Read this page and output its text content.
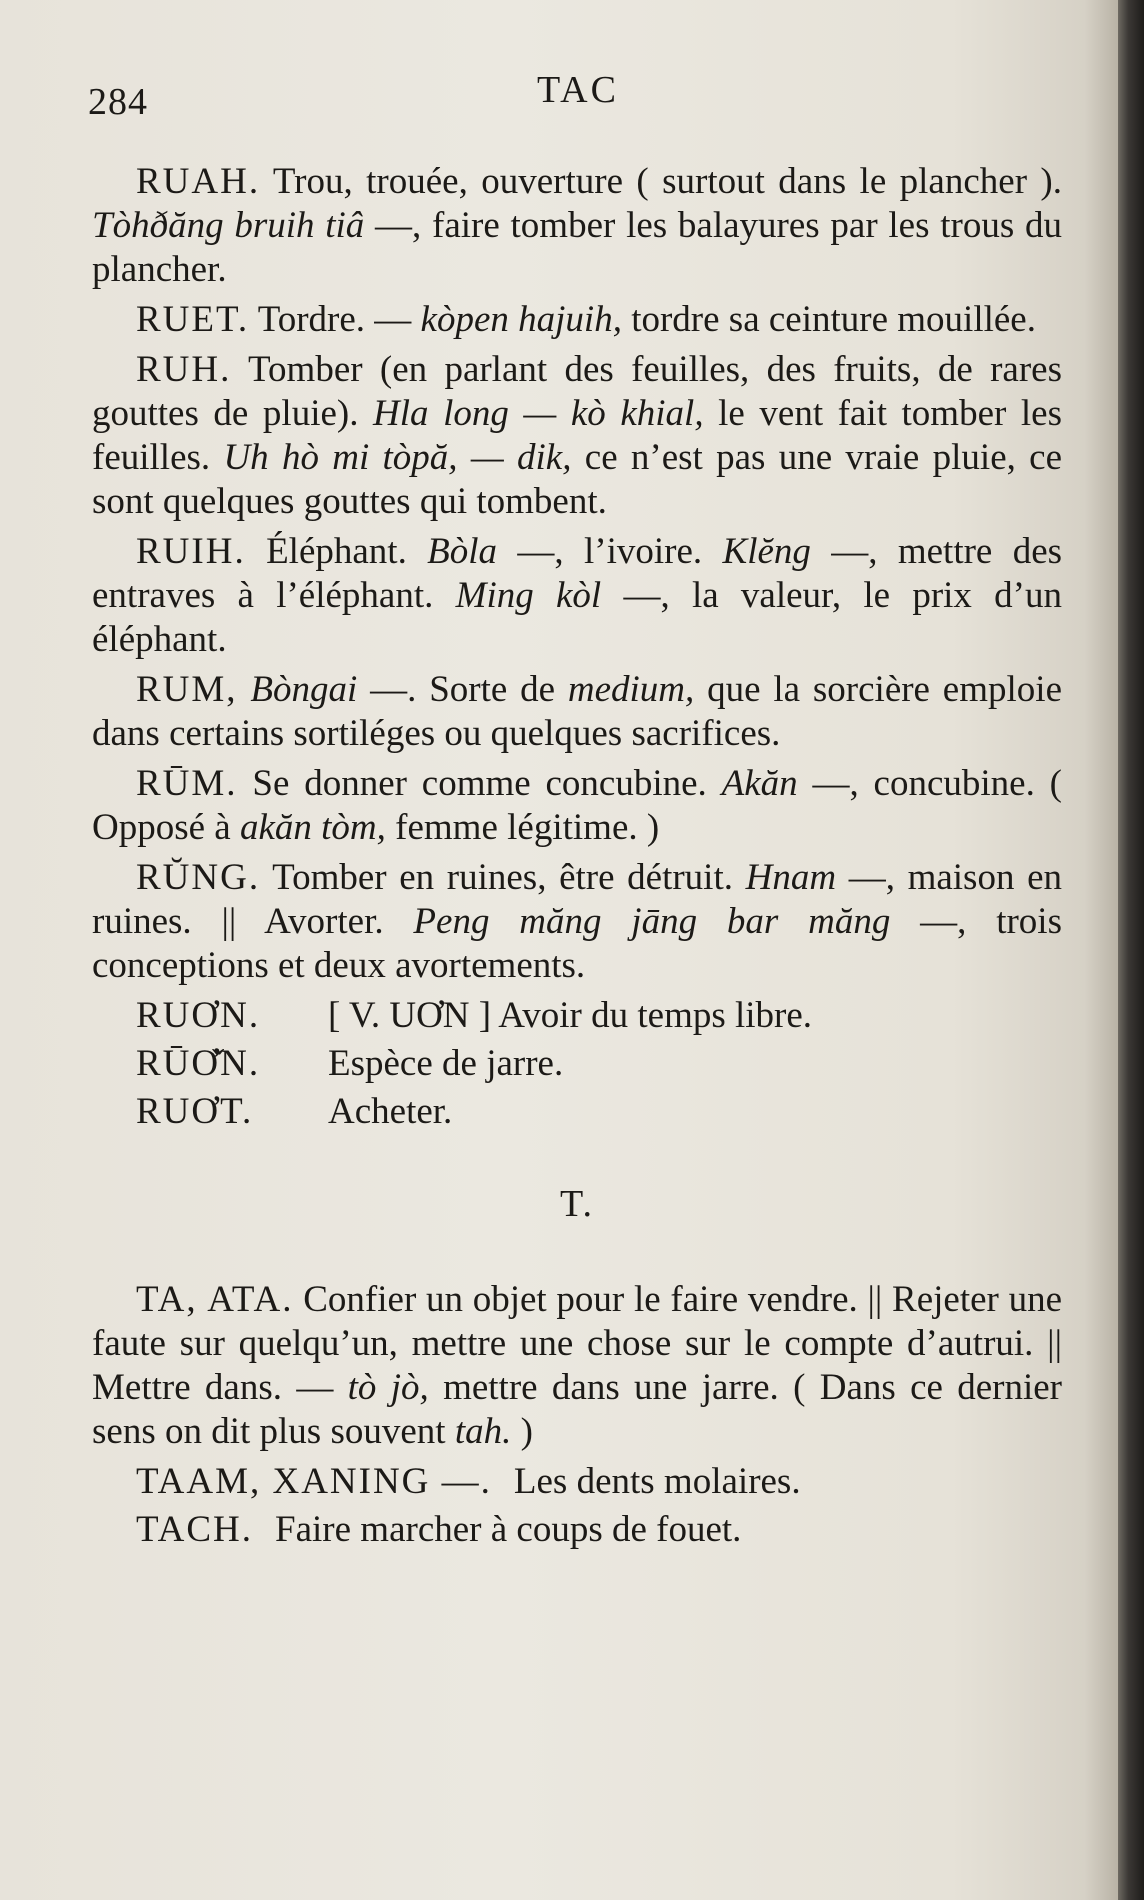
284	TAC

RUAH. Trou, trouée, ouverture ( surtout dans le plancher ). Tòhðăng bruih tiâ —, faire tomber les balayures par les trous du plancher.

RUET. Tordre. — kòpen hajuih, tordre sa ceinture mouillée.

RUH. Tomber (en parlant des feuilles, des fruits, de rares gouttes de pluie). Hla long — kò khial, le vent fait tomber les feuilles. Uh hò mi tòpă, — dik, ce n’est pas une vraie pluie, ce sont quelques gouttes qui tombent.

RUIH. Éléphant. Bòla —, l’ivoire. Klĕng —, mettre des entraves à l’éléphant. Ming kòl —, la valeur, le prix d’un éléphant.

RUM, Bòngai —. Sorte de medium, que la sorcière emploie dans certains sortiléges ou quelques sacrifices.

RŪM. Se donner comme concubine. Akăn —, concubine. ( Opposé à akăn tòm, femme légitime. )

RŬNG. Tomber en ruines, être détruit. Hnam —, maison en ruines. || Avorter. Peng măng jāng bar măng —, trois conceptions et deux avortements.

RUƠN. [ V. UƠN ] Avoir du temps libre.

RŪƠ̌N. Espèce de jarre.

RUƠT. Acheter.

T.

TA, ATA. Confier un objet pour le faire vendre. || Rejeter une faute sur quelqu’un, mettre une chose sur le compte d’autrui. || Mettre dans. — tò jò, mettre dans une jarre. ( Dans ce dernier sens on dit plus souvent tah. )

TAAM, XANING —. Les dents molaires.

TACH. Faire marcher à coups de fouet.
